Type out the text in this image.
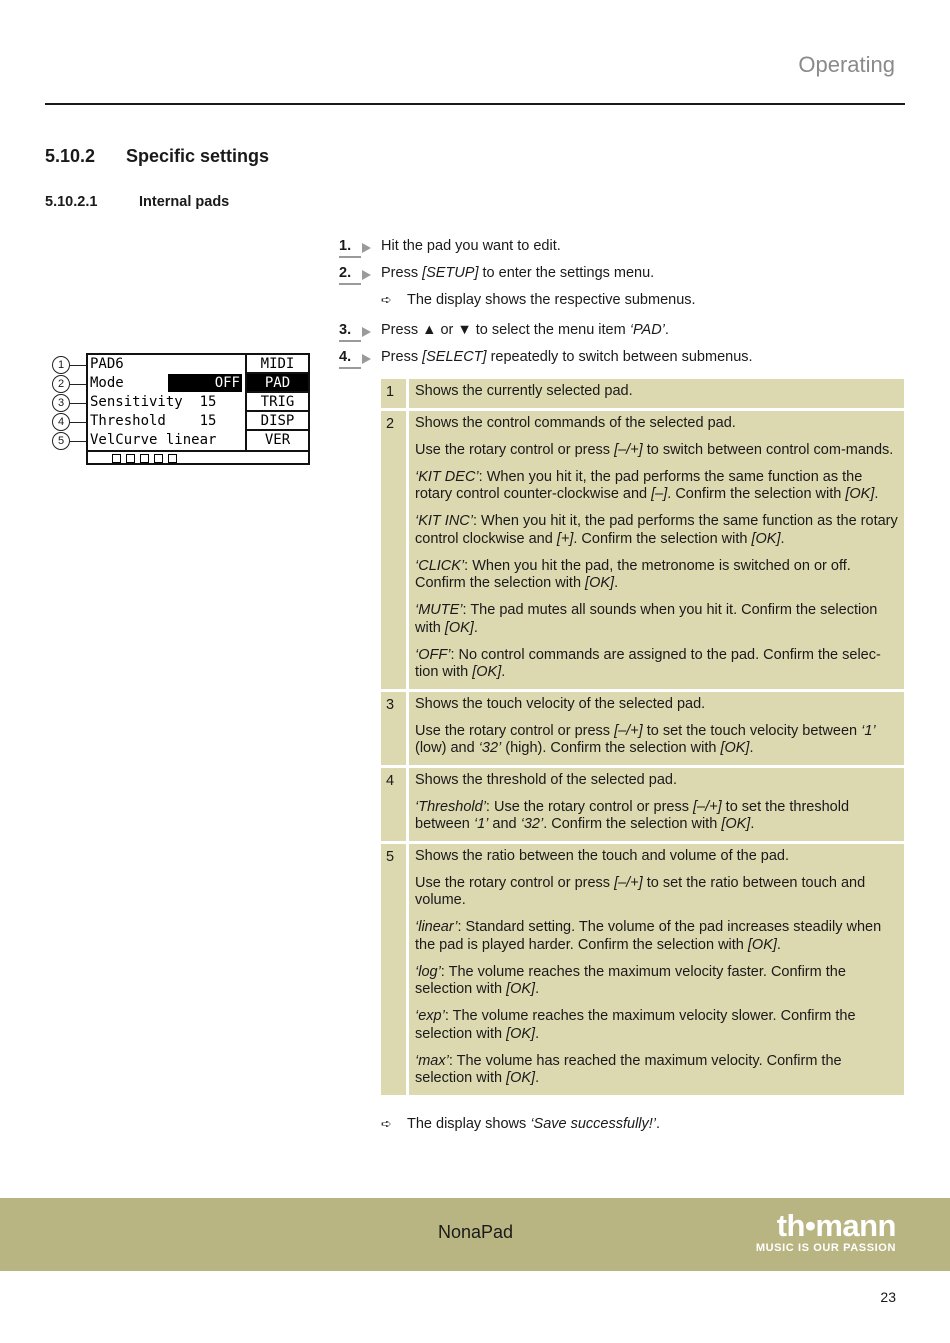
Operating
5.10.2 Specific settings
5.10.2.1	Internal pads
1.	Hit the pad you want to edit.
2.	Press [SETUP] to enter the settings menu.
➪	The display shows the respective submenus.
3.	Press ▲ or ▼ to select the menu item ‘PAD’.
4.	Press [SELECT] repeatedly to switch between submenus.
1
2
3
4
5
PAD6
Mode	OFF
Sensitivity  15
Threshold    15
VelCurve linear
MIDI
PAD
TRIG
DISP
VER
1	Shows the currently selected pad.

2	Shows the control commands of the selected pad.

Use the rotary control or press [–/+] to switch between control com-mands.

‘KIT DEC’: When you hit it, the pad performs the same function as the rotary control counter-clockwise and [–]. Confirm the selection with [OK].

‘KIT INC’: When you hit it, the pad performs the same function as the rotary control clockwise and [+]. Confirm the selection with [OK].

‘CLICK’: When you hit the pad, the metronome is switched on or off. Confirm the selection with [OK].

‘MUTE’: The pad mutes all sounds when you hit it. Confirm the selection with [OK].

‘OFF’: No control commands are assigned to the pad. Confirm the selec-tion with [OK].

3	Shows the touch velocity of the selected pad.

Use the rotary control or press [–/+] to set the touch velocity between ‘1’ (low) and ‘32’ (high). Confirm the selection with [OK].

4	Shows the threshold of the selected pad.

‘Threshold’: Use the rotary control or press [–/+] to set the threshold between ‘1’ and ‘32’. Confirm the selection with [OK].

5	Shows the ratio between the touch and volume of the pad.

Use the rotary control or press [–/+] to set the ratio between touch and volume.

‘linear’: Standard setting. The volume of the pad increases steadily when the pad is played harder. Confirm the selection with [OK].

‘log’: The volume reaches the maximum velocity faster. Confirm the selection with [OK].

‘exp’: The volume reaches the maximum velocity slower. Confirm the selection with [OK].

‘max’: The volume has reached the maximum velocity. Confirm the selection with [OK].

➪	The display shows ‘Save successfully!’.
NonaPad	th•mann
MUSIC IS OUR PASSION
23
